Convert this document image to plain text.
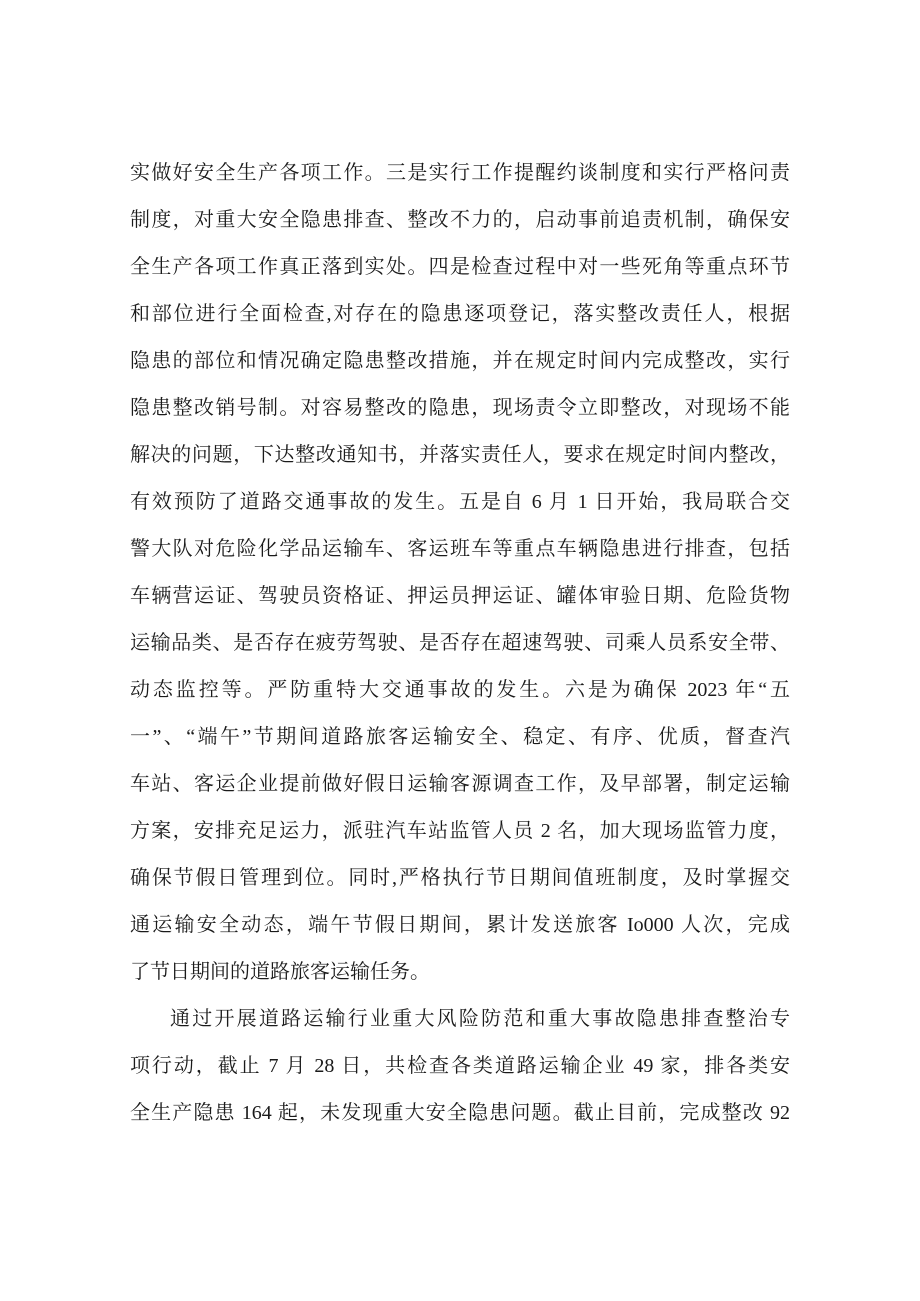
实做好安全生产各项工作。三是实行工作提醒约谈制度和实行严格问责
制度，对重大安全隐患排查、整改不力的，启动事前追责机制，确保安
全生产各项工作真正落到实处。四是检查过程中对一些死角等重点环节
和部位进行全面检查,对存在的隐患逐项登记，落实整改责任人，根据
隐患的部位和情况确定隐患整改措施，并在规定时间内完成整改，实行
隐患整改销号制。对容易整改的隐患，现场责令立即整改，对现场不能
解决的问题，下达整改通知书，并落实责任人，要求在规定时间内整改，
有效预防了道路交通事故的发生。五是自 6 月 1 日开始，我局联合交
警大队对危险化学品运输车、客运班车等重点车辆隐患进行排查，包括
车辆营运证、驾驶员资格证、押运员押运证、罐体审验日期、危险货物
运输品类、是否存在疲劳驾驶、是否存在超速驾驶、司乘人员系安全带、
动态监控等。严防重特大交通事故的发生。六是为确保 2023 年“五
一”、“端午”节期间道路旅客运输安全、稳定、有序、优质，督查汽
车站、客运企业提前做好假日运输客源调查工作，及早部署，制定运输
方案，安排充足运力，派驻汽车站监管人员 2 名，加大现场监管力度，
确保节假日管理到位。同时,严格执行节日期间值班制度，及时掌握交
通运输安全动态，端午节假日期间，累计发送旅客 Io000 人次，完成
了节日期间的道路旅客运输任务。
通过开展道路运输行业重大风险防范和重大事故隐患排查整治专
项行动，截止 7 月 28 日，共检查各类道路运输企业 49 家，排各类安
全生产隐患 164 起，未发现重大安全隐患问题。截止目前，完成整改 92
